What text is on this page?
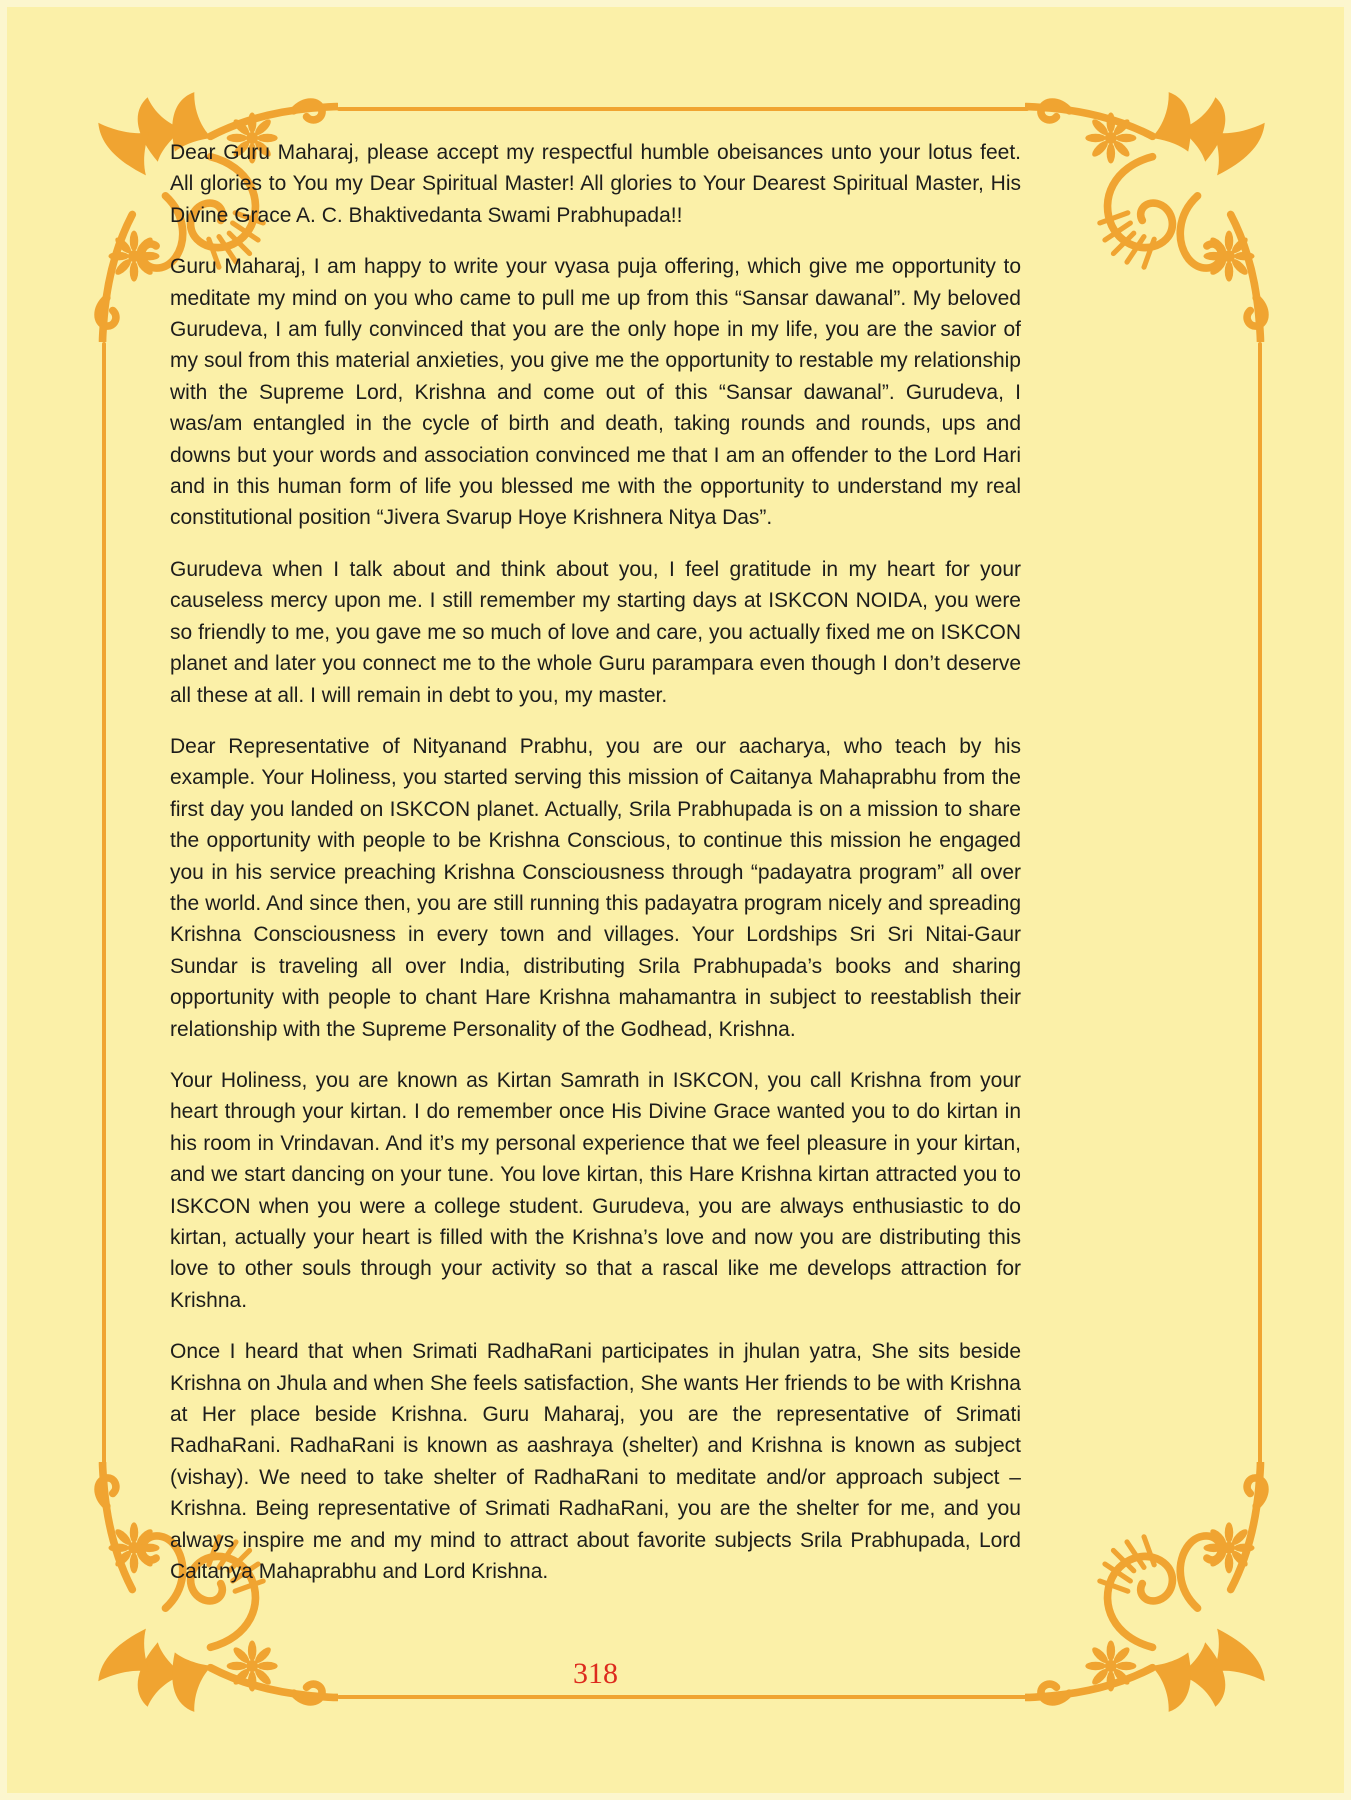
Dear Guru Maharaj, please accept my respectful humble obeisances unto your lotus feet. All glories to You my Dear Spiritual Master! All glories to Your Dearest Spiritual Master, His Divine Grace A. C. Bhaktivedanta Swami Prabhupada!!

Guru Maharaj, I am happy to write your vyasa puja offering, which give me opportunity to meditate my mind on you who came to pull me up from this “Sansar dawanal”. My beloved Gurudeva, I am fully convinced that you are the only hope in my life, you are the savior of my soul from this material anxieties, you give me the opportunity to restable my relationship with the Supreme Lord, Krishna and come out of this “Sansar dawanal”. Gurudeva, I was/am entangled in the cycle of birth and death, taking rounds and rounds, ups and downs but your words and association convinced me that I am an offender to the Lord Hari and in this human form of life you blessed me with the opportunity to understand my real constitutional position “Jivera Svarup Hoye Krishnera Nitya Das”.

Gurudeva when I talk about and think about you, I feel gratitude in my heart for your causeless mercy upon me. I still remember my starting days at ISKCON NOIDA, you were so friendly to me, you gave me so much of love and care, you actually fixed me on ISKCON planet and later you connect me to the whole Guru parampara even though I don’t deserve all these at all. I will remain in debt to you, my master.

Dear Representative of Nityanand Prabhu, you are our aacharya, who teach by his example. Your Holiness, you started serving this mission of Caitanya Mahaprabhu from the first day you landed on ISKCON planet. Actually, Srila Prabhupada is on a mission to share the opportunity with people to be Krishna Conscious, to continue this mission he engaged you in his service preaching Krishna Consciousness through “padayatra program” all over the world. And since then, you are still running this padayatra program nicely and spreading Krishna Consciousness in every town and villages. Your Lordships Sri Sri Nitai-Gaur Sundar is traveling all over India, distributing Srila Prabhupada’s books and sharing opportunity with people to chant Hare Krishna mahamantra in subject to reestablish their relationship with the Supreme Personality of the Godhead, Krishna.

Your Holiness, you are known as Kirtan Samrath in ISKCON, you call Krishna from your heart through your kirtan. I do remember once His Divine Grace wanted you to do kirtan in his room in Vrindavan. And it’s my personal experience that we feel pleasure in your kirtan, and we start dancing on your tune. You love kirtan, this Hare Krishna kirtan attracted you to ISKCON when you were a college student. Gurudeva, you are always enthusiastic to do kirtan, actually your heart is filled with the Krishna’s love and now you are distributing this love to other souls through your activity so that a rascal like me develops attraction for Krishna.

Once I heard that when Srimati RadhaRani participates in jhulan yatra, She sits beside Krishna on Jhula and when She feels satisfaction, She wants Her friends to be with Krishna at Her place beside Krishna. Guru Maharaj, you are the representative of Srimati RadhaRani. RadhaRani is known as aashraya (shelter) and Krishna is known as subject (vishay). We need to take shelter of RadhaRani to meditate and/or approach subject – Krishna. Being representative of Srimati RadhaRani, you are the shelter for me, and you always inspire me and my mind to attract about favorite subjects Srila Prabhupada, Lord Caitanya Mahaprabhu and Lord Krishna.

318
